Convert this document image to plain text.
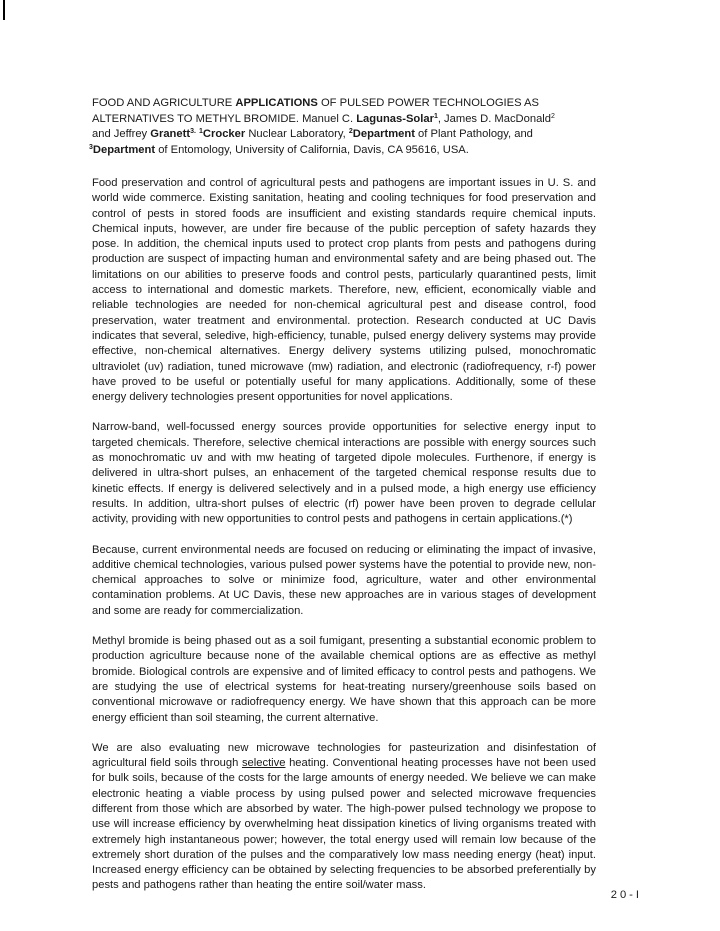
FOOD AND AGRICULTURE APPLICATIONS OF PULSED POWER TECHNOLOGIES AS
ALTERNATIVES TO METHYL BROMIDE. Manuel C. Lagunas-Solar$^1$, James D. MacDonald$^2$
and Jeffrey Granett$^{3.}$ $^1$Crocker Nuclear Laboratory, $^2$Department of Plant Pathology, and
$^3$Department of Entomology, University of California, Davis, CA 95616, USA.

Food preservation and control of agricultural pests and pathogens are important issues in U. S. and world wide commerce. Existing sanitation, heating and cooling techniques for food preservation and control of pests in stored foods are insufficient and existing standards require chemical inputs. Chemical inputs, however, are under fire because of the public perception of safety hazards they pose. In addition, the chemical inputs used to protect crop plants from pests and pathogens during production are suspect of impacting human and environmental safety and are being phased out. The limitations on our abilities to preserve foods and control pests, particularly quarantined pests, limit access to international and domestic markets. Therefore, new, efficient, economically viable and reliable technologies are needed for non-chemical agricultural pest and disease control, food preservation, water treatment and environmental. protection. Research conducted at UC Davis indicates that several, seledive, high-efficiency, tunable, pulsed energy delivery systems may provide effective, non-chemical alternatives. Energy delivery systems utilizing pulsed, monochromatic ultraviolet (uv) radiation, tuned microwave (mw) radiation, and electronic (radiofrequency, r-f) power have proved to be useful or potentially useful for many applications. Additionally, some of these energy delivery technologies present opportunities for novel applications.

Narrow-band, well-focussed energy sources provide opportunities for selective energy input to targeted chemicals. Therefore, selective chemical interactions are possible with energy sources such as monochromatic uv and with mw heating of targeted dipole molecules. Furthenore, if energy is delivered in ultra-short pulses, an enhacement of the targeted chemical response results due to kinetic effects. If energy is delivered selectively and in a pulsed mode, a high energy use efficiency results. In addition, ultra-short pulses of electric (rf) power have been proven to degrade cellular activity, providing with new opportunities to control pests and pathogens in certain applications.(*)

Because, current environmental needs are focused on reducing or eliminating the impact of invasive, additive chemical technologies, various pulsed power systems have the potential to provide new, non-chemical approaches to solve or minimize food, agriculture, water and other environmental contamination problems. At UC Davis, these new approaches are in various stages of development and some are ready for commercialization.

Methyl bromide is being phased out as a soil fumigant, presenting a substantial economic problem to production agriculture because none of the available chemical options are as effective as methyl bromide. Biological controls are expensive and of limited efficacy to control pests and pathogens. We are studying the use of electrical systems for heat-treating nursery/greenhouse soils based on conventional microwave or radiofrequency energy. We have shown that this approach can be more energy efficient than soil steaming, the current alternative.

We are also evaluating new microwave technologies for pasteurization and disinfestation of agricultural field soils through selective heating. Conventional heating processes have not been used for bulk soils, because of the costs for the large amounts of energy needed. We believe we can make electronic heating a viable process by using pulsed power and selected microwave frequencies different from those which are absorbed by water. The high-power pulsed technology we propose to use will increase efficiency by overwhelming heat dissipation kinetics of living organisms treated with extremely high instantaneous power; however, the total energy used will remain low because of the extremely short duration of the pulses and the comparatively low mass needing energy (heat) input. Increased energy efficiency can be obtained by selecting frequencies to be absorbed preferentially by pests and pathogens rather than heating the entire soil/water mass.

20-I
